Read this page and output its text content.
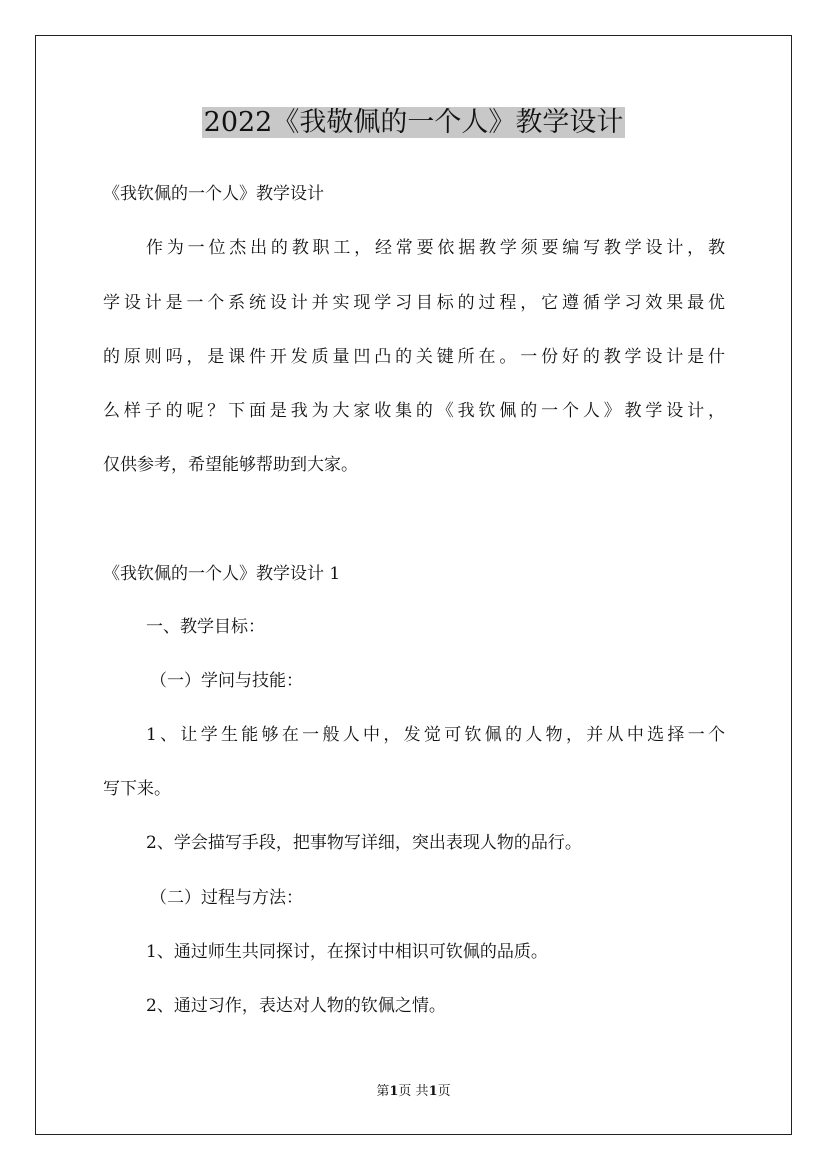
2022《我敬佩的一个人》教学设计
《我钦佩的一个人》教学设计
作为一位杰出的教职工，经常要依据教学须要编写教学设计，教
学设计是一个系统设计并实现学习目标的过程，它遵循学习效果最优
的原则吗，是课件开发质量凹凸的关键所在。一份好的教学设计是什
么样子的呢？下面是我为大家收集的《我钦佩的一个人》教学设计，
仅供参考，希望能够帮助到大家。
《我钦佩的一个人》教学设计 1
一、教学目标：
（一）学问与技能：
1、让学生能够在一般人中，发觉可钦佩的人物，并从中选择一个
写下来。
2、学会描写手段，把事物写详细，突出表现人物的品行。
（二）过程与方法：
1、通过师生共同探讨，在探讨中相识可钦佩的品质。
2、通过习作，表达对人物的钦佩之情。
第1页 共1页
